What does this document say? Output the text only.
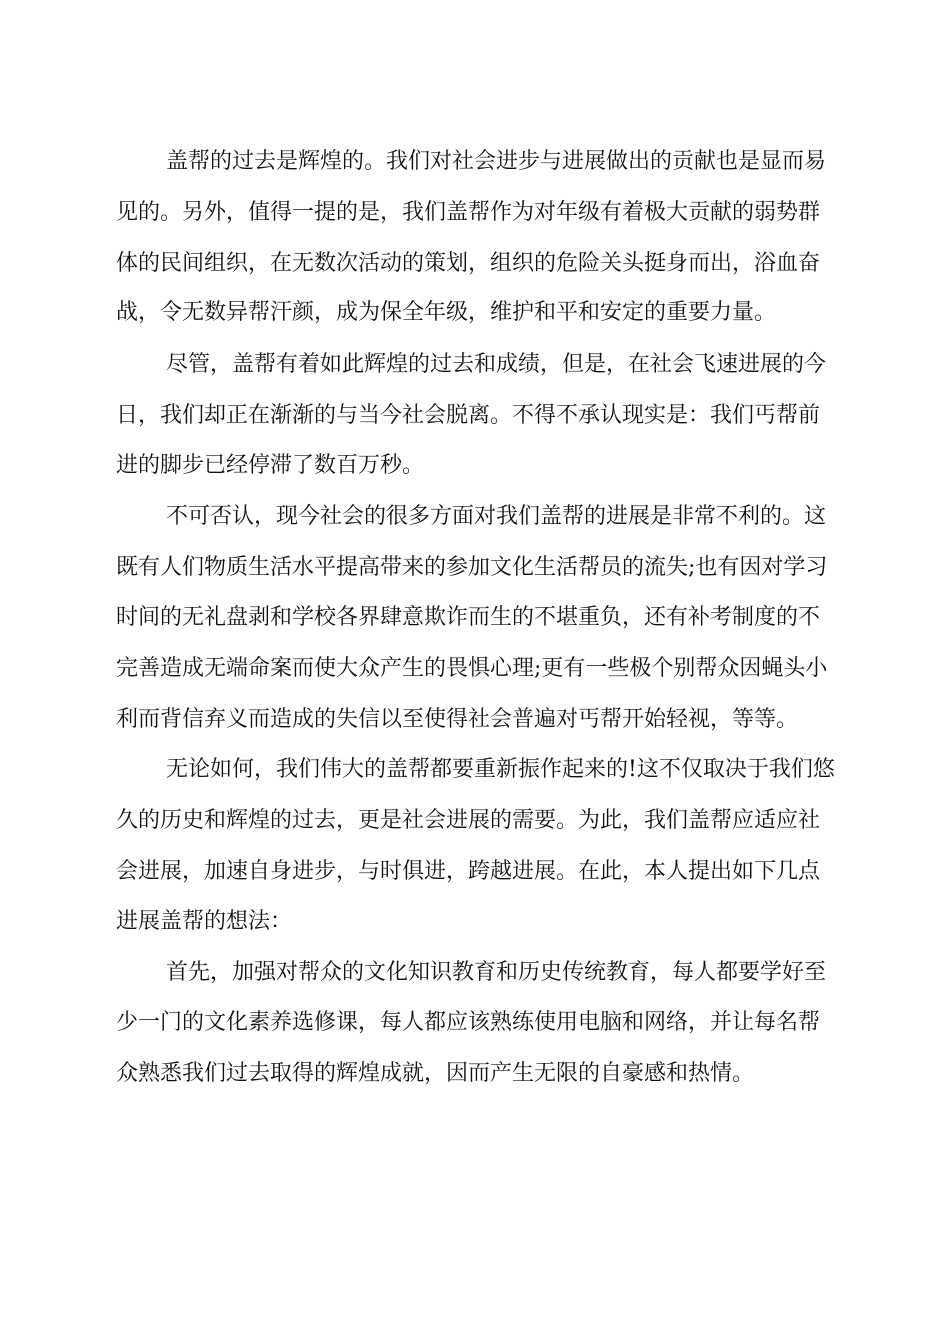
盖帮的过去是辉煌的。我们对社会进步与进展做出的贡献也是显而易
见的。另外，值得一提的是，我们盖帮作为对年级有着极大贡献的弱势群
体的民间组织，在无数次活动的策划，组织的危险关头挺身而出，浴血奋
战，令无数异帮汗颜，成为保全年级，维护和平和安定的重要力量。
尽管，盖帮有着如此辉煌的过去和成绩，但是，在社会飞速进展的今
日，我们却正在渐渐的与当今社会脱离。不得不承认现实是：我们丐帮前
进的脚步已经停滞了数百万秒。
不可否认，现今社会的很多方面对我们盖帮的进展是非常不利的。这
既有人们物质生活水平提高带来的参加文化生活帮员的流失;也有因对学习
时间的无礼盘剥和学校各界肆意欺诈而生的不堪重负，还有补考制度的不
完善造成无端命案而使大众产生的畏惧心理;更有一些极个别帮众因蝇头小
利而背信弃义而造成的失信以至使得社会普遍对丐帮开始轻视，等等。
无论如何，我们伟大的盖帮都要重新振作起来的!这不仅取决于我们悠
久的历史和辉煌的过去，更是社会进展的需要。为此，我们盖帮应适应社
会进展，加速自身进步，与时俱进，跨越进展。在此，本人提出如下几点
进展盖帮的想法：
首先，加强对帮众的文化知识教育和历史传统教育，每人都要学好至
少一门的文化素养选修课，每人都应该熟练使用电脑和网络，并让每名帮
众熟悉我们过去取得的辉煌成就，因而产生无限的自豪感和热情。
